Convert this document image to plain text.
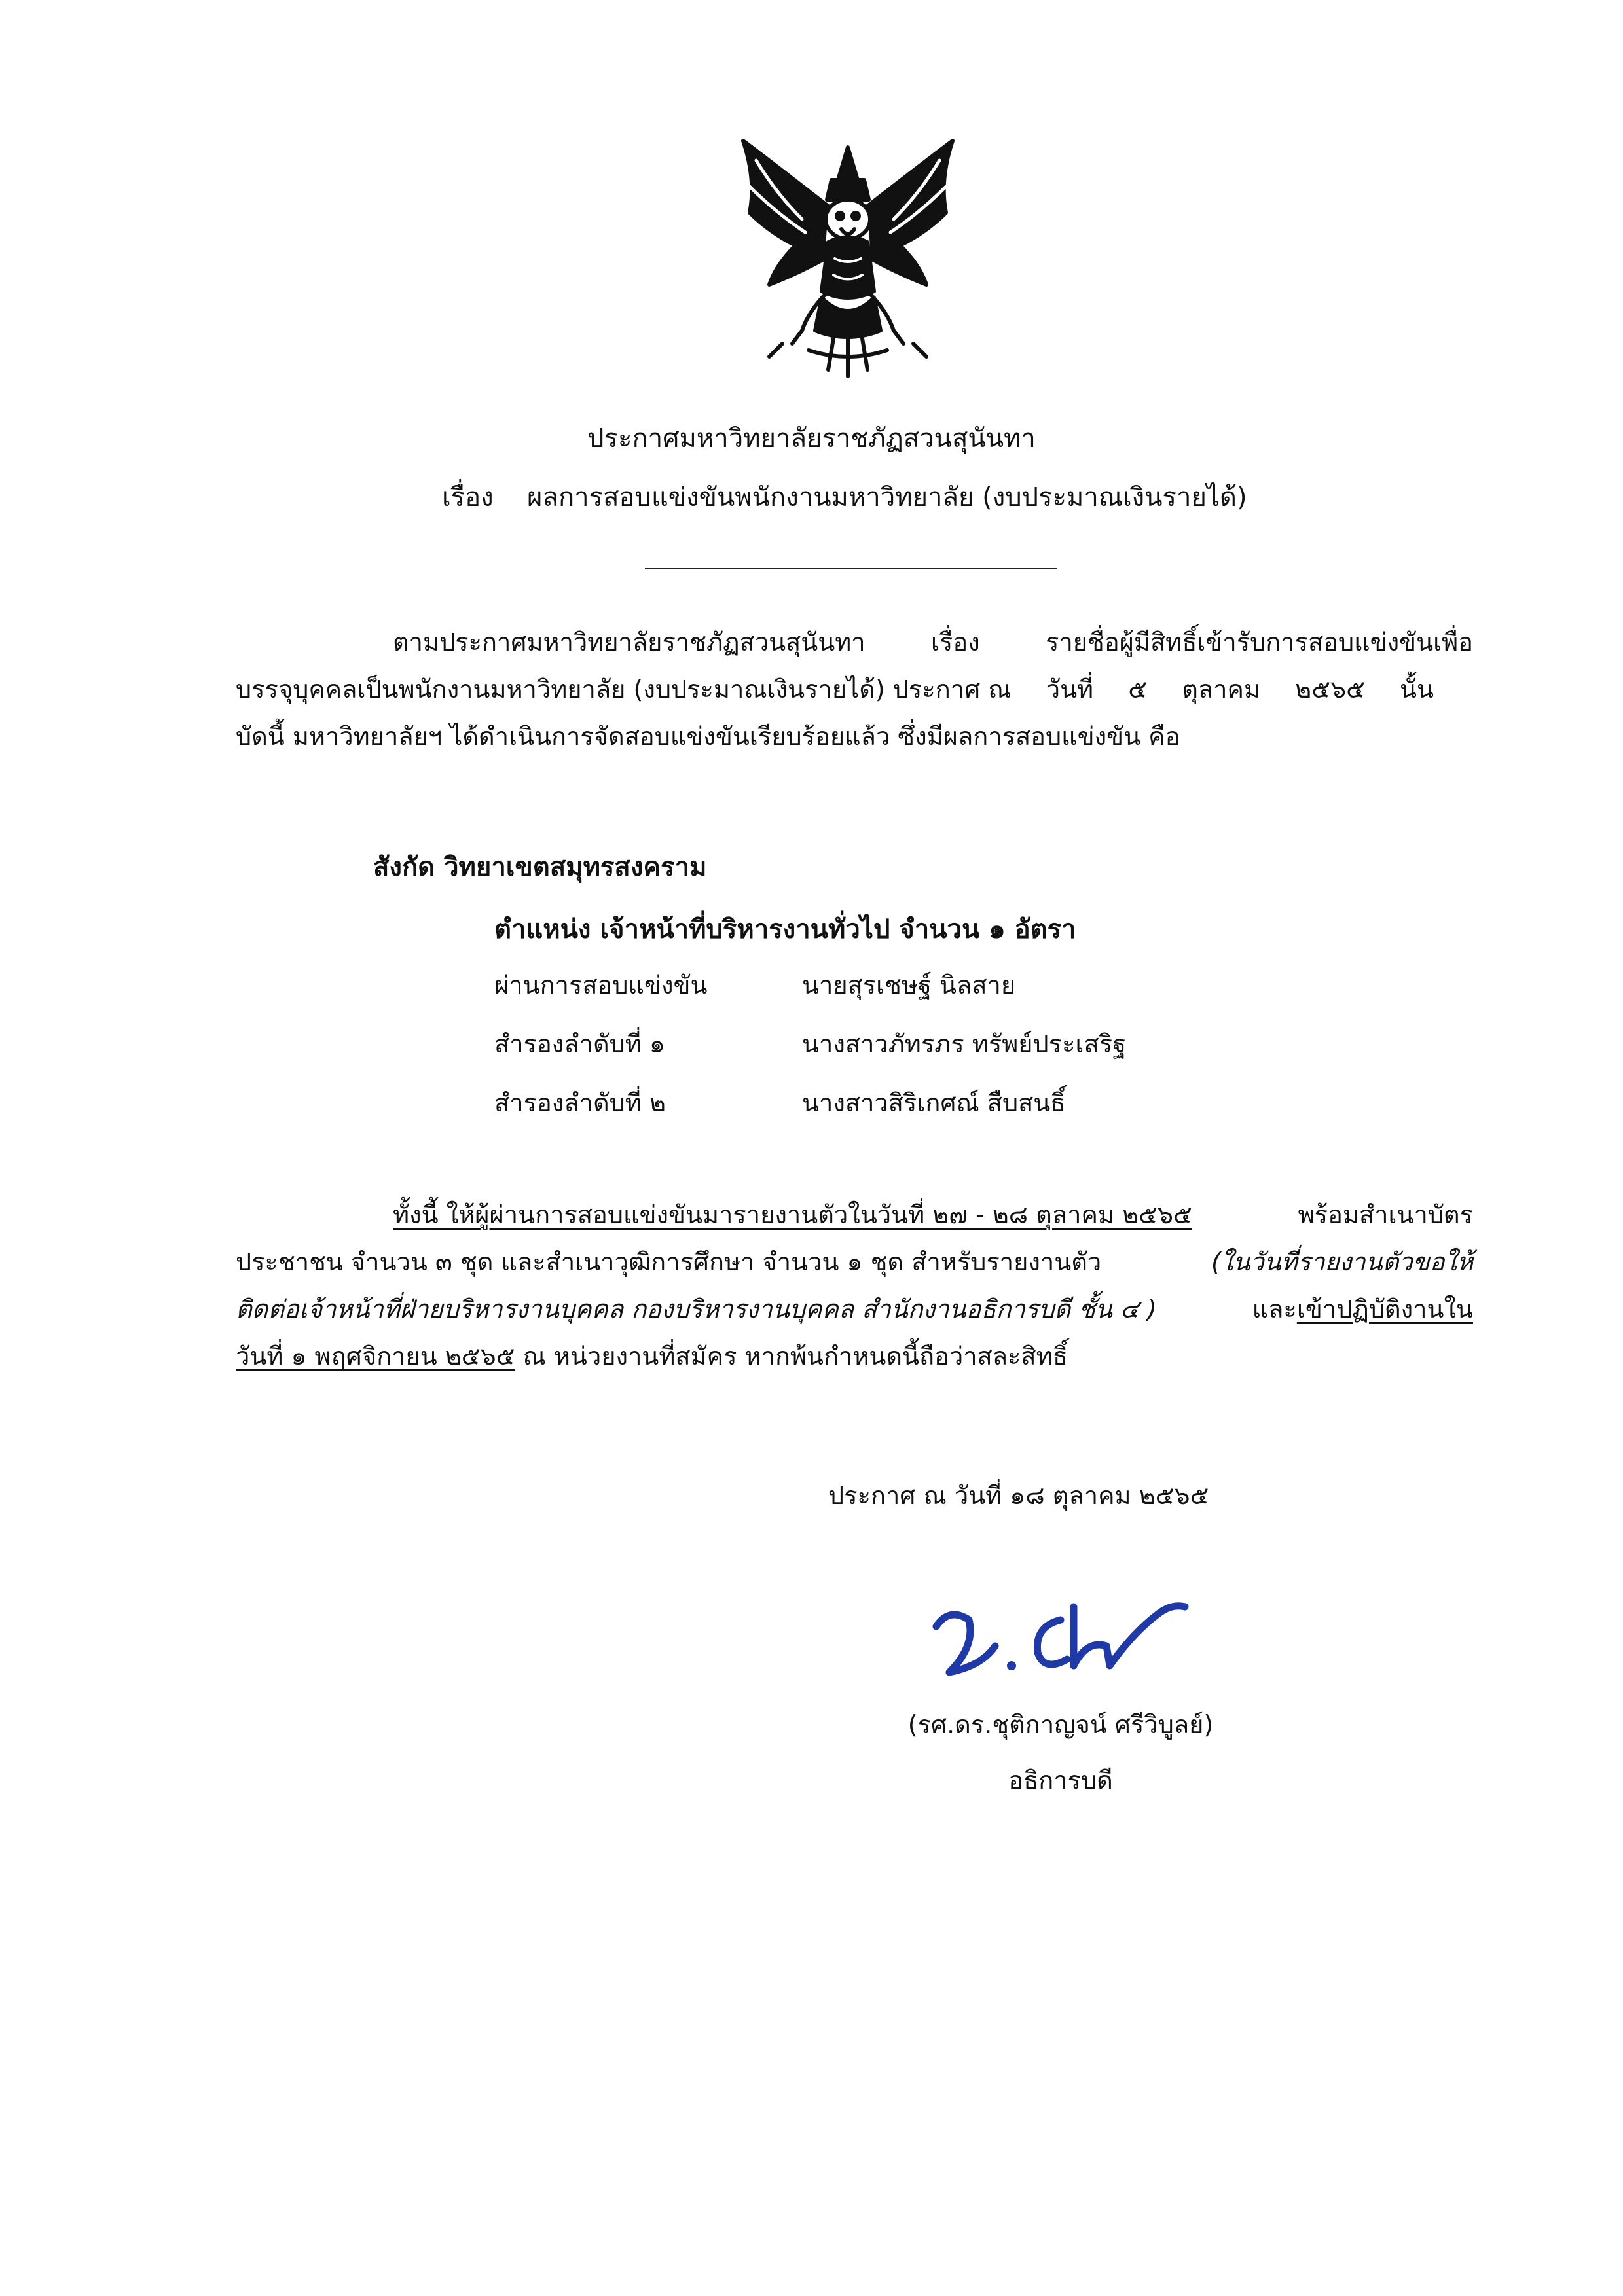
ประกาศมหาวิทยาลัยราชภัฏสวนสุนันทา
เรื่อง ผลการสอบแข่งขันพนักงานมหาวิทยาลัย (งบประมาณเงินรายได้)

ตามประกาศมหาวิทยาลัยราชภัฏสวนสุนันทา	เรื่อง	รายชื่อผู้มีสิทธิ์เข้ารับการสอบแข่งขันเพื่อ

บรรจุบุคคลเป็นพนักงานมหาวิทยาลัย (งบประมาณเงินรายได้) ประกาศ ณ วันที่ ๕ ตุลาคม ๒๕๖๕ นั้น

บัดนี้ มหาวิทยาลัยฯ ได้ดำเนินการจัดสอบแข่งขันเรียบร้อยแล้ว ซึ่งมีผลการสอบแข่งขัน คือ

สังกัด วิทยาเขตสมุทรสงคราม
ตำแหน่ง เจ้าหน้าที่บริหารงานทั่วไป จำนวน ๑ อัตรา
ผ่านการสอบแข่งขัน	นายสุรเชษฐ์ นิลสาย
สำรองลำดับที่ ๑	นางสาวภัทรภร ทรัพย์ประเสริฐ
สำรองลำดับที่ ๒	นางสาวสิริเกศณ์ สืบสนธิ์

ทั้งนี้ ให้ผู้ผ่านการสอบแข่งขันมารายงานตัวในวันที่ ๒๗ - ๒๘ ตุลาคม ๒๕๖๕	พร้อมสำเนาบัตร

ประชาชน จำนวน ๓ ชุด และสำเนาวุฒิการศึกษา จำนวน ๑ ชุด สำหรับรายงานตัว	(ในวันที่รายงานตัวขอให้

ติดต่อเจ้าหน้าที่ฝ่ายบริหารงานบุคคล กองบริหารงานบุคคล สำนักงานอธิการบดี ชั้น ๔ )	และเข้าปฏิบัติงานใน

วันที่ ๑ พฤศจิกายน ๒๕๖๕ ณ หน่วยงานที่สมัคร หากพ้นกำหนดนี้ถือว่าสละสิทธิ์

ประกาศ ณ วันที่ ๑๘ ตุลาคม ๒๕๖๕
(รศ.ดร.ชุติกาญจน์ ศรีวิบูลย์)
อธิการบดี
